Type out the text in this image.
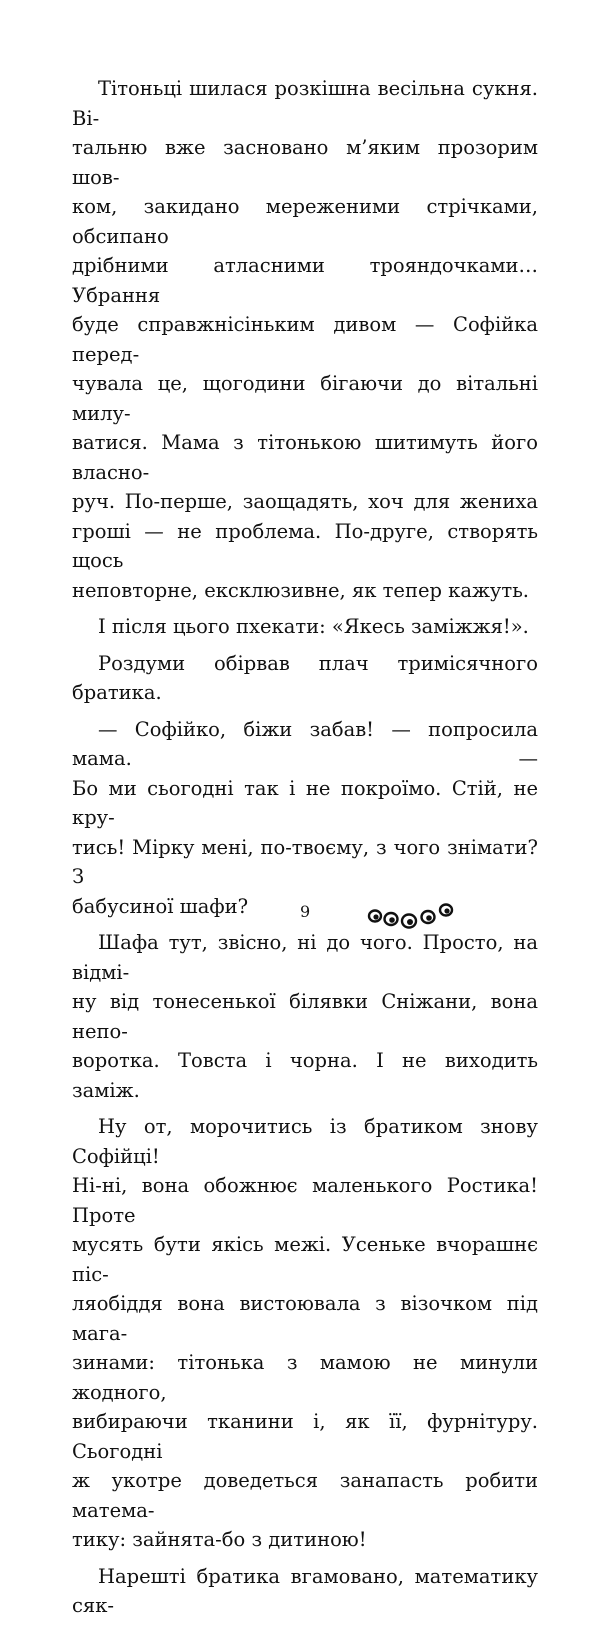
Тітоньці шилася розкішна весільна сукня. Ві-
тальню вже засновано м’яким прозорим шов-
ком, закидано мереженими стрічками, обсипано
дрібними атласними трояндочками… Убрання
буде справжнісіньким дивом — Софійка перед-
чувала це, щогодини бігаючи до вітальні милу-
ватися. Мама з тітонькою шитимуть його власно-
руч. По-перше, заощадять, хоч для жениха
гроші — не проблема. По-друге, створять щось
неповторне, ексклюзивне, як тепер кажуть.

І після цього пхекати: «Якесь заміжжя!».

Роздуми обірвав плач тримісячного братика.

— Софійко, біжи забав! — попросила мама. —
Бо ми сьогодні так і не покроїмо. Стій, не кру-
тись! Мірку мені, по-твоєму, з чого знімати? З
бабусиної шафи?

Шафа тут, звісно, ні до чого. Просто, на відмі-
ну від тонесенької білявки Сніжани, вона непо-
воротка. Товста і чорна. І не виходить заміж.

Ну от, морочитись із братиком знову Софійці!
Ні-ні, вона обожнює маленького Ростика! Проте
мусять бути якісь межі. Усеньке вчорашнє піс-
ляобіддя вона вистоювала з візочком під мага-
зинами: тітонька з мамою не минули жодного,
вибираючи тканини і, як її, фурнітуру. Сьогодні
ж укотре доведеться занапасть робити матема-
тику: зайнята-бо з дитиною!

Нарешті братика вгамовано, математику сяк-

9
